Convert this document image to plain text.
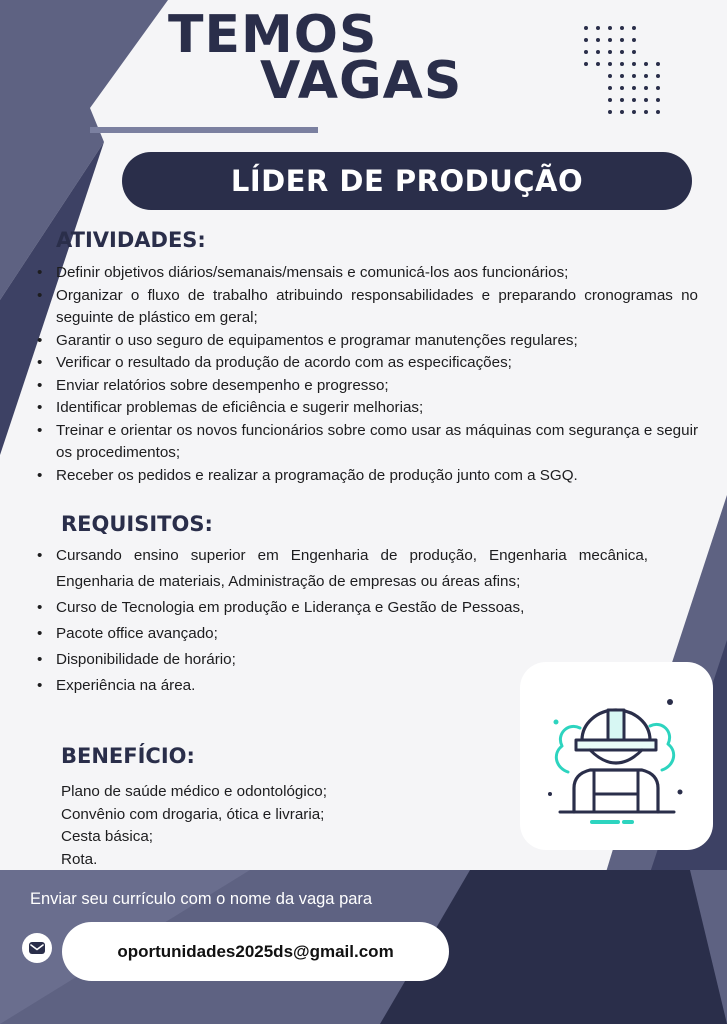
TEMOS
VAGAS
LÍDER DE PRODUÇÃO
ATIVIDADES:
• Definir objetivos diários/semanais/mensais e comunicá-los aos funcionários;
• Organizar o fluxo de trabalho atribuindo responsabilidades e preparando cronogramas no seguinte de plástico em geral;
• Garantir o uso seguro de equipamentos e programar manutenções regulares;
• Verificar o resultado da produção de acordo com as especificações;
• Enviar relatórios sobre desempenho e progresso;
• Identificar problemas de eficiência e sugerir melhorias;
• Treinar e orientar os novos funcionários sobre como usar as máquinas com segurança e seguir os procedimentos;
• Receber os pedidos e realizar a programação de produção junto com a SGQ.
REQUISITOS:
• Cursando ensino superior em Engenharia de produção, Engenharia mecânica, Engenharia de materiais, Administração de empresas ou áreas afins;
• Curso de Tecnologia em produção e Liderança e Gestão de Pessoas,
• Pacote office avançado;
• Disponibilidade de horário;
• Experiência na área.
BENEFÍCIO:
Plano de saúde médico e odontológico;
Convênio com drogaria, ótica e livraria;
Cesta básica;
Rota.
Enviar seu currículo com o nome da vaga para
oportunidades2025ds@gmail.com
